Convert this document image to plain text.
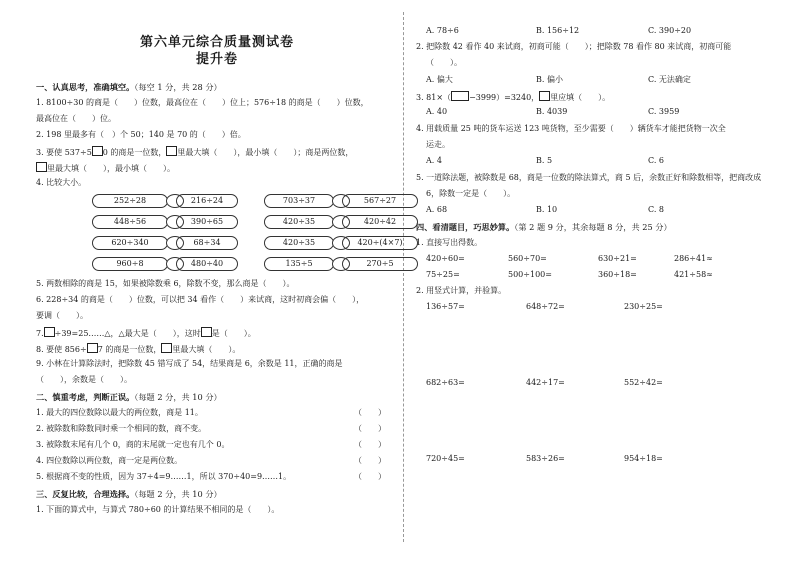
第六单元综合质量测试卷
提升卷
一、认真思考，准确填空。（每空 1 分，共 28 分）
1. 8100÷30 的商是（　　）位数，最高位在（　　）位上；576÷18 的商是（　　）位数，
最高位在（　　）位。
2. 198 里最多有（　）个 50；140 是 70 的（　　）倍。
3. 要使 537÷5 0 的商是一位数， 里最大填（　　），最小填（　　）；商是两位数，
里最大填（　　），最小填（　　）。
4. 比较大小。
252÷28	216÷24	703÷37	567÷27
448÷56	390÷65	420÷35	420÷42
620÷340	68÷34	420÷35	420÷(4×7)
960÷8	480÷40	135÷5	270÷5
5. 两数相除的商是 15，如果被除数乘 6，除数不变，那么商是（　　）。
6. 228÷34 的商是（　　）位数，可以把 34 看作（　　）来试商，这时初商会偏（　　），
要调（　　）。
7. ÷39=25……△，△最大是（　　），这时 是（　　）。
8. 要使 856÷ 7 的商是一位数， 里最大填（　　）。
9. 小林在计算除法时，把除数 45 错写成了 54，结果商是 6，余数是 11，正确的商是
（　　），余数是（　　）。
二、慎重考虑，判断正误。（每题 2 分，共 10 分）
1. 最大的四位数除以最大的两位数，商是 11。	（　　）
2. 被除数和除数同时乘一个相同的数，商不变。	（　　）
3. 被除数末尾有几个 0，商的末尾就一定也有几个 0。	（　　）
4. 四位数除以两位数，商一定是两位数。	（　　）
5. 根据商不变的性质，因为 37÷4=9……1，所以 370÷40=9……1。	（　　）
三、反复比较，合理选择。（每题 2 分，共 10 分）
1. 下面的算式中，与算式 780÷60 的计算结果不相同的是（　　）。
A. 78÷6	B. 156÷12	C. 390÷20
2. 把除数 42 看作 40 来试商，初商可能（　　）；把除数 78 看作 80 来试商，初商可能
（　　）。
A. 偏大	B. 偏小	C. 无法确定
3. 81×（ −3999）=3240， 里应填（　　）。
A. 40	B. 4039	C. 3959
4. 用载质量 25 吨的货车运送 123 吨货物，至少需要（　　）辆货车才能把货物一次全
运走。
A. 4	B. 5	C. 6
5. 一道除法题，被除数是 68，商是一位数的除法算式，商 5 后，余数正好和除数相等，把商改成
6，除数一定是（　　）。
A. 68	B. 10	C. 8
四、看清题目，巧思妙算。（第 2 题 9 分，其余每题 8 分，共 25 分）
1. 直接写出得数。
420÷60=	560÷70=	630÷21=	286÷41≈
75÷25=	500÷100=	360÷18=	421÷58≈
2. 用竖式计算，并验算。
136÷57=	648÷72=	230÷25=
682÷63=	442÷17=	552÷42=
720÷45=	583÷26=	954÷18=
